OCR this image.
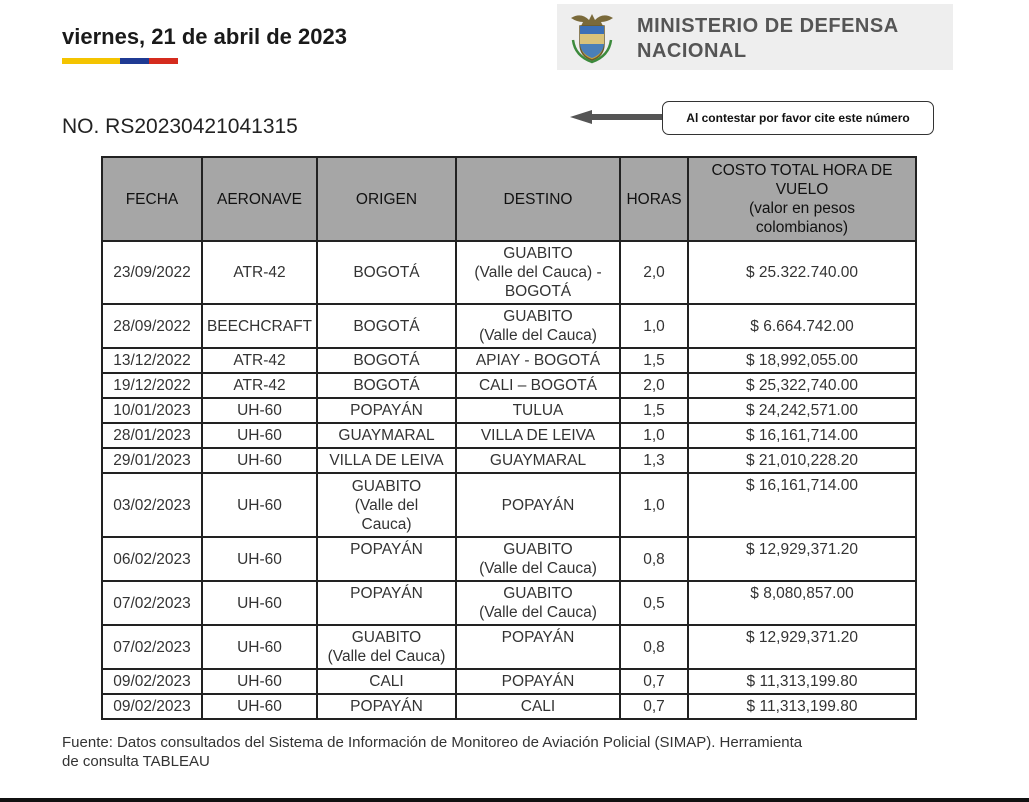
viernes, 21 de abril de 2023	MINISTERIO DE DEFENSA
NACIONAL
NO. RS20230421041315	Al contestar por favor cite este número
FECHA	AERONAVE	ORIGEN	DESTINO	HORAS	COSTO TOTAL HORA DE
VUELO
(valor en pesos
colombianos)

23/09/2022	ATR-42	BOGOTÁ	GUABITO
(Valle del Cauca) -
BOGOTÁ	2,0	$ 25.322.740.00
28/09/2022	BEECHCRAFT	BOGOTÁ	GUABITO
(Valle del Cauca)	1,0	$ 6.664.742.00
13/12/2022	ATR-42	BOGOTÁ	APIAY - BOGOTÁ	1,5	$ 18,992,055.00
19/12/2022	ATR-42	BOGOTÁ	CALI – BOGOTÁ	2,0	$ 25,322,740.00
10/01/2023	UH-60	POPAYÁN	TULUA	1,5	$ 24,242,571.00
28/01/2023	UH-60	GUAYMARAL	VILLA DE LEIVA	1,0	$ 16,161,714.00
29/01/2023	UH-60	VILLA DE LEIVA	GUAYMARAL	1,3	$ 21,010,228.20
03/02/2023	UH-60	GUABITO
(Valle del
Cauca)	POPAYÁN	1,0	$ 16,161,714.00
06/02/2023	UH-60	POPAYÁN	GUABITO
(Valle del Cauca)	0,8	$ 12,929,371.20
07/02/2023	UH-60	POPAYÁN	GUABITO
(Valle del Cauca)	0,5	$ 8,080,857.00
07/02/2023	UH-60	GUABITO
(Valle del Cauca)	POPAYÁN	0,8	$ 12,929,371.20
09/02/2023	UH-60	CALI	POPAYÁN	0,7	$ 11,313,199.80
09/02/2023	UH-60	POPAYÁN	CALI	0,7	$ 11,313,199.80
Fuente: Datos consultados del Sistema de Información de Monitoreo de Aviación Policial (SIMAP). Herramienta
de consulta TABLEAU
